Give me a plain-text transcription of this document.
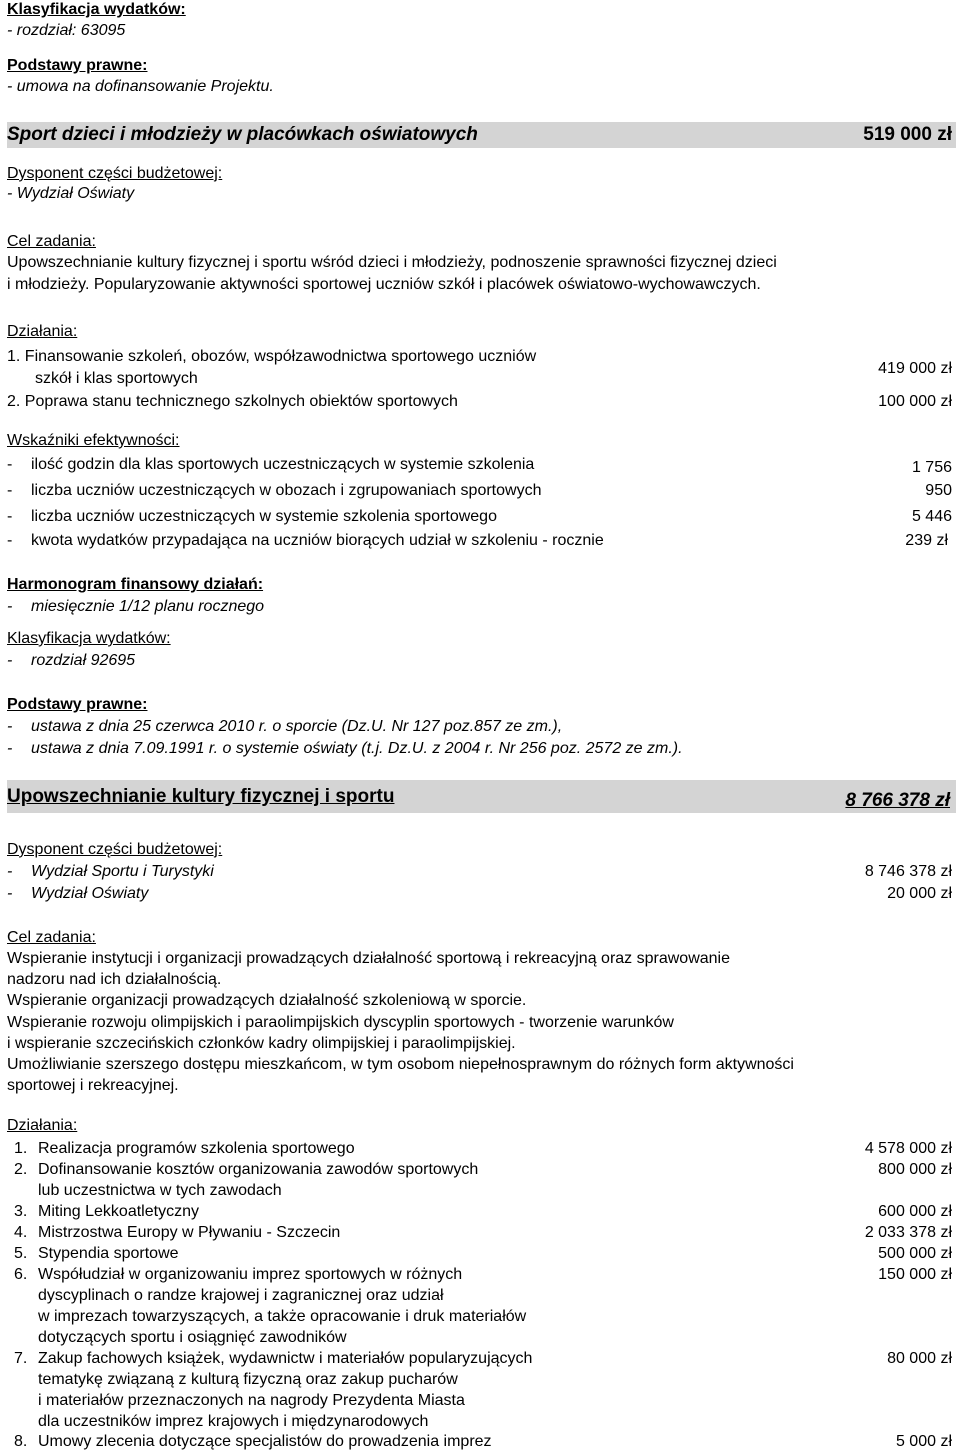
Klasyfikacja wydatków:
- rozdział: 63095
Podstawy prawne:
- umowa na dofinansowanie Projektu.
Sport dzieci i młodzieży w placówkach oświatowych	519 000 zł
Dysponent części budżetowej:
- Wydział Oświaty
Cel zadania:
Upowszechnianie kultury fizycznej i sportu wśród dzieci i młodzieży, podnoszenie sprawności fizycznej dzieci
i młodzieży. Popularyzowanie aktywności sportowej uczniów szkół i placówek oświatowo-wychowawczych.
Działania:
1. Finansowanie szkoleń, obozów, współzawodnictwa sportowego uczniów
szkół i klas sportowych
419 000 zł
2. Poprawa stanu technicznego szkolnych obiektów sportowych	100 000 zł
Wskaźniki efektywności:
- ilość godzin dla klas sportowych uczestniczących w systemie szkolenia	1 756
- liczba uczniów uczestniczących w obozach i zgrupowaniach sportowych	950
- liczba uczniów uczestniczących w systemie szkolenia sportowego	5 446
- kwota wydatków przypadająca na uczniów biorących udział w szkoleniu - rocznie	239 zł
Harmonogram finansowy działań:
- miesięcznie 1/12 planu rocznego
Klasyfikacja wydatków:
- rozdział 92695
Podstawy prawne:
- ustawa z dnia 25 czerwca 2010 r. o sporcie (Dz.U. Nr 127 poz.857 ze zm.),
- ustawa z dnia 7.09.1991 r. o systemie oświaty (t.j. Dz.U. z 2004 r. Nr 256 poz. 2572 ze zm.).
Upowszechnianie kultury fizycznej i sportu	8 766 378 zł
Dysponent części budżetowej:
- Wydział Sportu i Turystyki	8 746 378 zł
- Wydział Oświaty	20 000 zł
Cel zadania:
Wspieranie instytucji i organizacji prowadzących działalność sportową i rekreacyjną oraz sprawowanie
nadzoru nad ich działalnością.
Wspieranie organizacji prowadzących działalność szkoleniową w sporcie.
Wspieranie rozwoju olimpijskich i paraolimpijskich dyscyplin sportowych - tworzenie warunków
i wspieranie szczecińskich członków kadry olimpijskiej i paraolimpijskiej.
Umożliwianie szerszego dostępu mieszkańcom, w tym osobom niepełnosprawnym do różnych form aktywności
sportowej i rekreacyjnej.
Działania:
1. Realizacja programów szkolenia sportowego	4 578 000 zł
2. Dofinansowanie kosztów organizowania zawodów sportowych
lub uczestnictwa w tych zawodach
800 000 zł
3. Miting Lekkoatletyczny	600 000 zł
4. Mistrzostwa Europy w Pływaniu - Szczecin	2 033 378 zł
5. Stypendia sportowe	500 000 zł
6. Współudział w organizowaniu imprez sportowych w różnych
dyscyplinach o randze krajowej i zagranicznej oraz udział
w imprezach towarzyszących, a także opracowanie i druk materiałów
dotyczących sportu i osiągnięć zawodników
150 000 zł
7. Zakup fachowych książek, wydawnictw i materiałów popularyzujących
tematykę związaną z kulturą fizyczną oraz zakup pucharów
i materiałów przeznaczonych na nagrody Prezydenta Miasta
dla uczestników imprez krajowych i międzynarodowych
80 000 zł
8. Umowy zlecenia dotyczące specjalistów do prowadzenia imprez	5 000 zł
